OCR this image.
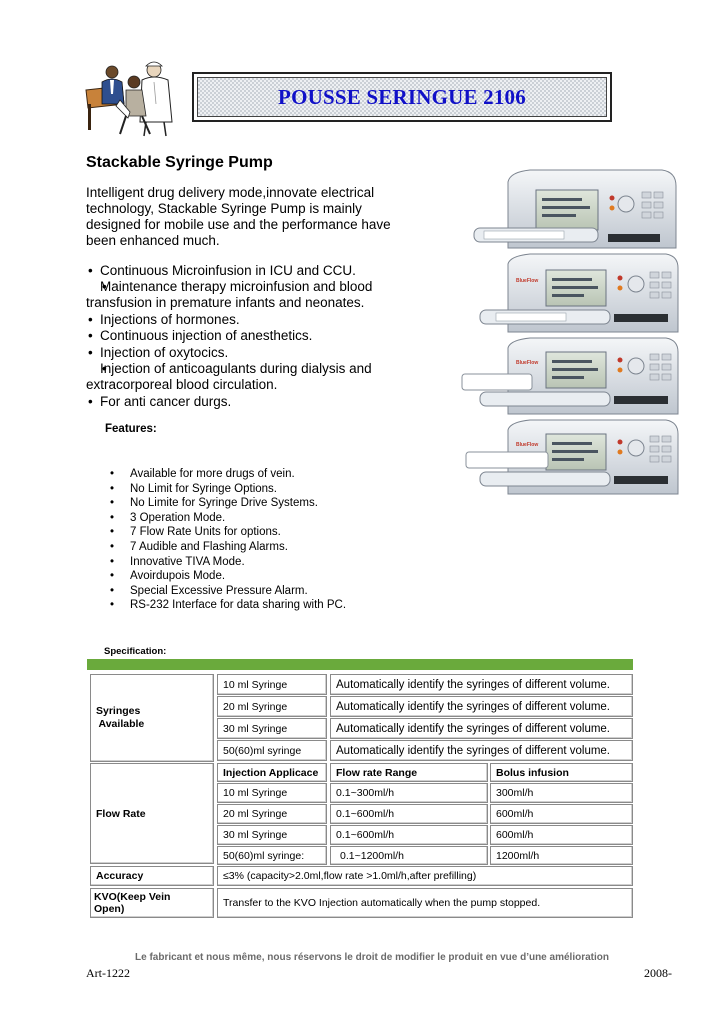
POUSSE SERINGUE 2106
Stackable Syringe Pump
Intelligent drug delivery mode,innovate electrical technology, Stackable Syringe Pump is mainly designed for mobile use and the performance have been enhanced much.
• Continuous Microinfusion in ICU and CCU.
• Maintenance therapy microinfusion and blood transfusion in premature infants and neonates.
• Injections of hormones.
• Continuous injection of anesthetics.
• Injection of oxytocics.
• Injection of anticoagulants during dialysis and extracorporeal blood circulation.
• For anti cancer durgs.
BlueFlow
BlueFlow
BlueFlow
Features:
• Available for more drugs of vein.
• No Limit for Syringe Options.
• No Limite for Syringe Drive Systems.
• 3 Operation Mode.
• 7 Flow Rate Units for options.
• 7 Audible and Flashing Alarms.
• Innovative TIVA Mode.
• Avoirdupois Mode.
• Special Excessive Pressure Alarm.
• RS-232 Interface for data sharing with PC.
Specification:
Syringes
Available
10 ml Syringe	Automatically identify the syringes of different volume.
20 ml Syringe	Automatically identify the syringes of different volume.
30 ml Syringe	Automatically identify the syringes of different volume.
50(60)ml syringe	Automatically identify the syringes of different volume.
Flow Rate
Injection Applicace	Flow rate Range	Bolus infusion
10 ml Syringe	0.1~300ml/h	300ml/h
20 ml Syringe	0.1~600ml/h	600ml/h
30 ml Syringe	0.1~600ml/h	600ml/h
50(60)ml syringe:	0.1~1200ml/h	1200ml/h
Accuracy	≤3% (capacity>2.0ml,flow rate >1.0ml/h,after prefilling)
KVO(Keep Vein
Open)	Transfer to the KVO Injection automatically when the pump stopped.
Le fabricant et nous même, nous réservons le droit de modifier le produit en vue d’une amélioration
Art-1222	2008-
